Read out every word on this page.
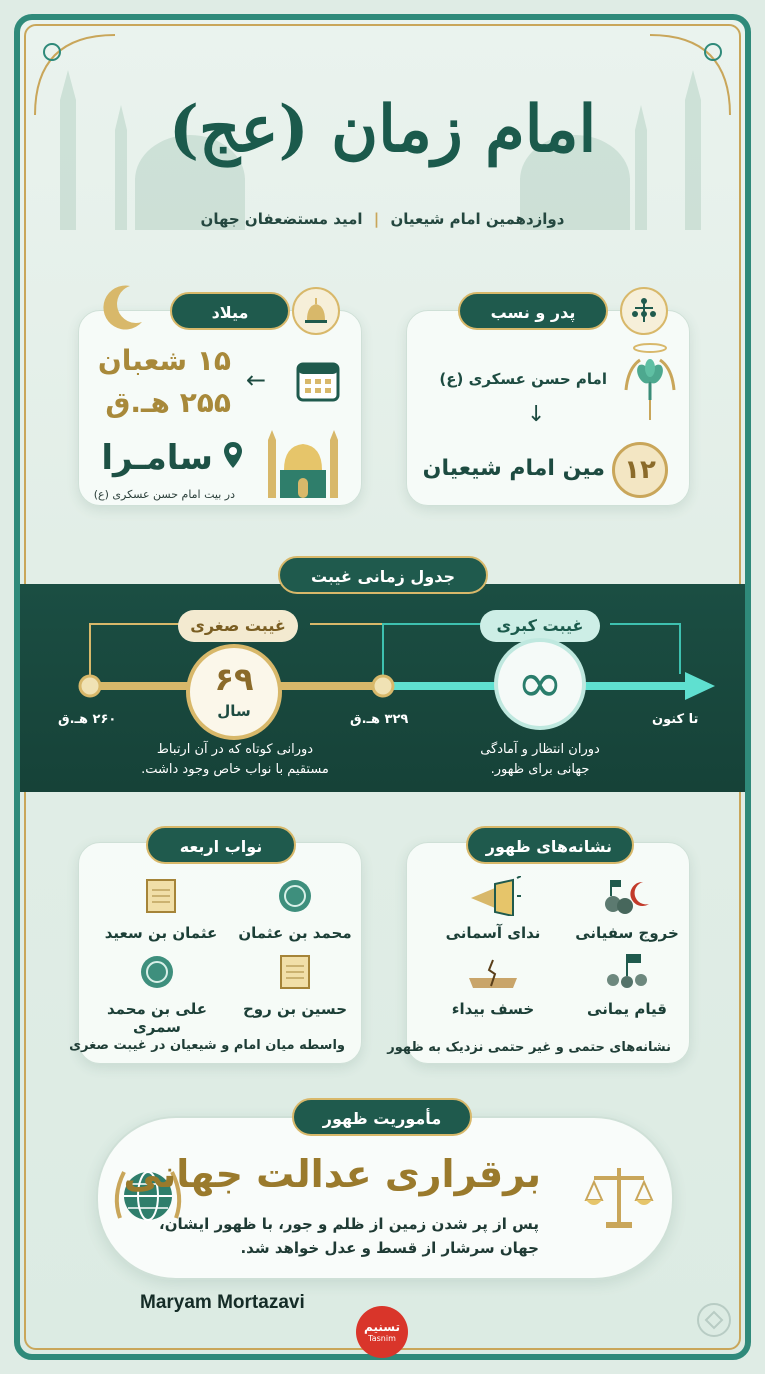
امام زمان (عج)
دوازدهمین امام شیعیان | امید مستضعفان جهان
پدر و نسب
امام حسن عسکری (ع)
↓
۱۲
مین امام شیعیان
میلاد
۱۵ شعبان
۲۵۵ هـ.ق
←
سامـرا
در بیت امام حسن عسکری (ع)
جدول زمانی غیبت
غیبت صغری	غیبت کبری
۶۹
سال	∞
۲۶۰ هـ.ق	۳۲۹ هـ.ق	تا کنون
دورانی کوتاه که در آن ارتباط
مستقیم با نواب خاص وجود داشت.
دوران انتظار و آمادگی
جهانی برای ظهور.
نشانه‌های ظهور
خروج سفیانی
ندای آسمانی
قیام یمانی
خسف بیداء
نشانه‌های حتمی و غیر حتمی نزدیک به ظهور
نواب اربعه
محمد بن عثمان
عثمان بن سعید
حسین بن روح
علی بن محمد سمری
واسطه میان امام و شیعیان در غیبت صغری
مأموریت ظهور
برقراری عدالت جهانی
پس از پر شدن زمین از ظلم و جور، با ظهور ایشان،
جهان سرشار از قسط و عدل خواهد شد.
Maryam Mortazavi
تسنیم
Tasnim
